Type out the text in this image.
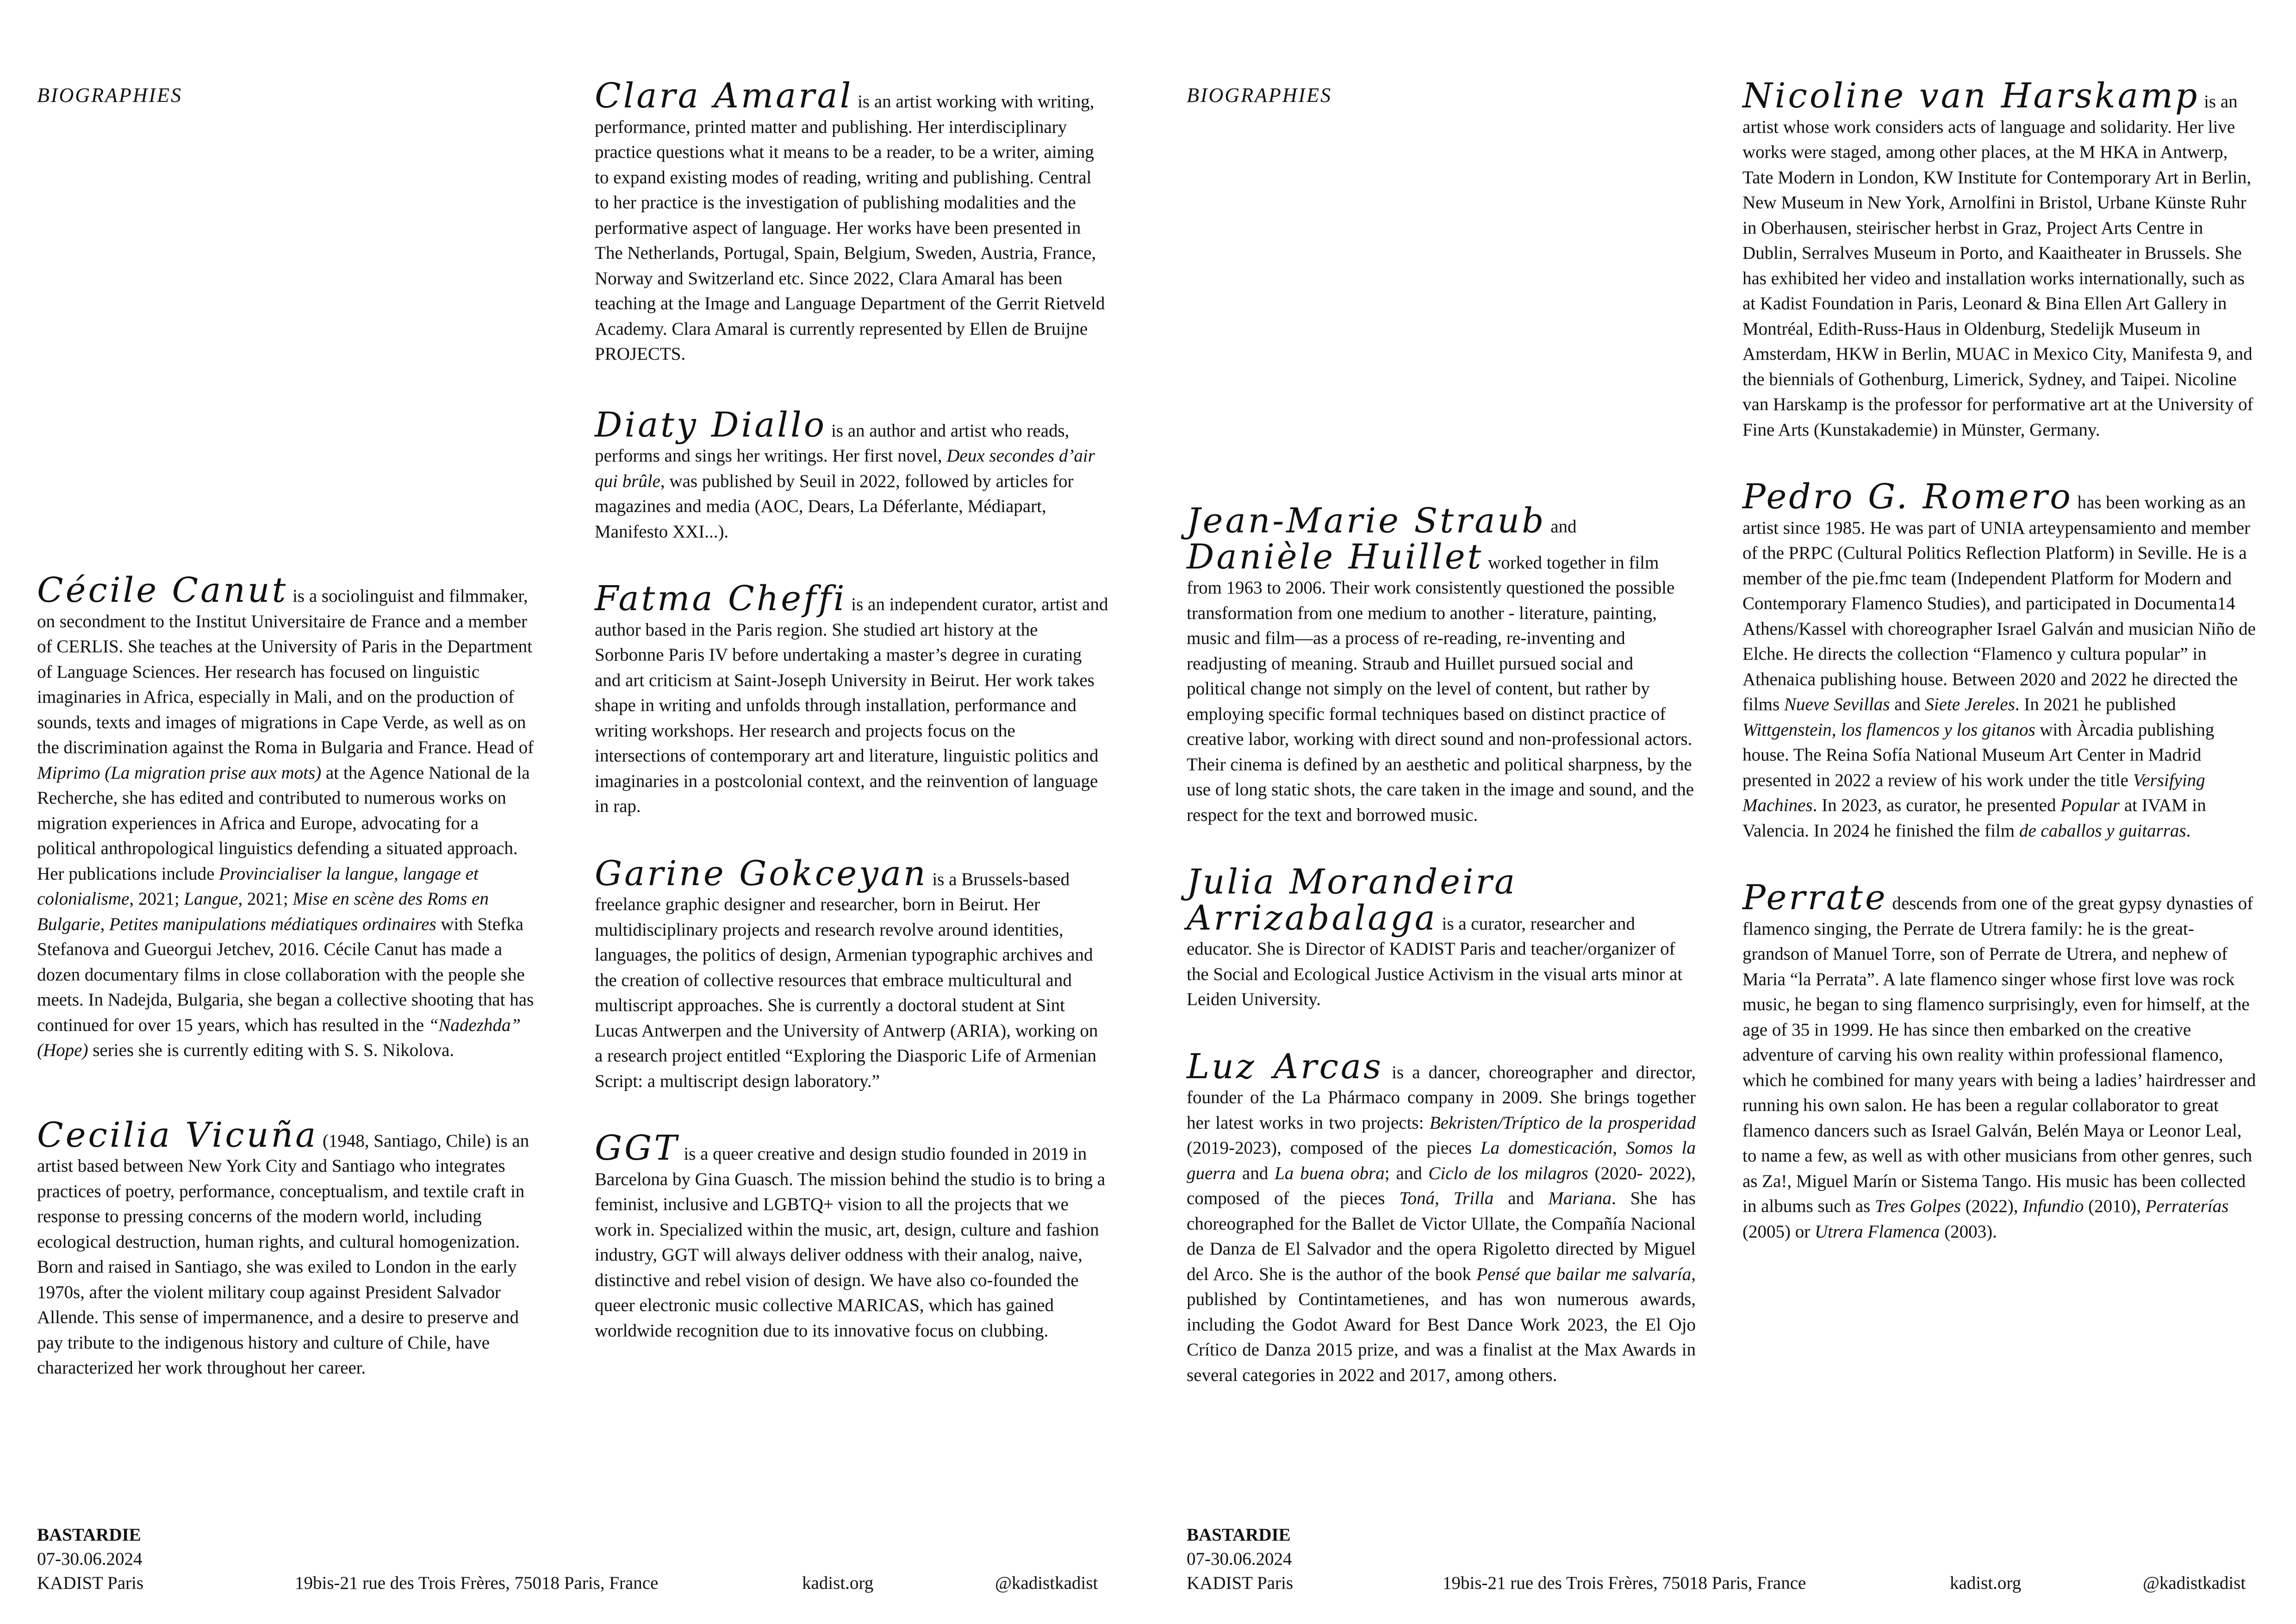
BIOGRAPHIES

Cécile Canut is a sociolinguist and filmmaker, on secondment to the Institut Universitaire de France and a member of CERLIS. She teaches at the University of Paris in the Department of Language Sciences. Her research has focused on linguistic imaginaries in Africa, especially in Mali, and on the production of sounds, texts and images of migrations in Cape Verde, as well as on the discrimination against the Roma in Bulgaria and France. Head of Miprimo (La migration prise aux mots) at the Agence National de la Recherche, she has edited and contributed to numerous works on migration experiences in Africa and Europe, advocating for a political anthropological linguistics defending a situated approach. Her publications include Provincialiser la langue, langage et colonialisme, 2021; Langue, 2021; Mise en scène des Roms en Bulgarie, Petites manipulations médiatiques ordinaires with Stefka Stefanova and Gueorgui Jetchev, 2016. Cécile Canut has made a dozen documentary films in close collaboration with the people she meets. In Nadejda, Bulgaria, she began a collective shooting that has continued for over 15 years, which has resulted in the “Nadezhda” (Hope) series she is currently editing with S. S. Nikolova.

Cecilia Vicuña (1948, Santiago, Chile) is an artist based between New York City and Santiago who integrates practices of poetry, performance, conceptualism, and textile craft in response to pressing concerns of the modern world, including ecological destruction, human rights, and cultural homogenization. Born and raised in Santiago, she was exiled to London in the early 1970s, after the violent military coup against President Salvador Allende. This sense of impermanence, and a desire to preserve and pay tribute to the indigenous history and culture of Chile, have characterized her work throughout her career.

Clara Amaral is an artist working with writing, performance, printed matter and publishing. Her interdisciplinary practice questions what it means to be a reader, to be a writer, aiming to expand existing modes of reading, writing and publishing. Central to her practice is the investigation of publishing modalities and the performative aspect of language. Her works have been presented in The Netherlands, Portugal, Spain, Belgium, Sweden, Austria, France, Norway and Switzerland etc. Since 2022, Clara Amaral has been teaching at the Image and Language Department of the Gerrit Rietveld Academy. Clara Amaral is currently represented by Ellen de Bruijne PROJECTS.

Diaty Diallo is an author and artist who reads, performs and sings her writings. Her first novel, Deux secondes d’air qui brûle, was published by Seuil in 2022, followed by articles for magazines and media (AOC, Dears, La Déferlante, Médiapart, Manifesto XXI...).

Fatma Cheffi is an independent curator, artist and author based in the Paris region. She studied art history at the Sorbonne Paris IV before undertaking a master’s degree in curating and art criticism at Saint-Joseph University in Beirut. Her work takes shape in writing and unfolds through installation, performance and writing workshops. Her research and projects focus on the intersections of contemporary art and literature, linguistic politics and imaginaries in a postcolonial context, and the reinvention of language in rap.

Garine Gokceyan is a Brussels-based freelance graphic designer and researcher, born in Beirut. Her multidisciplinary projects and research revolve around identities, languages, the politics of design, Armenian typographic archives and the creation of collective resources that embrace multicultural and multiscript approaches. She is currently a doctoral student at Sint Lucas Antwerpen and the University of Antwerp (ARIA), working on a research project entitled “Exploring the Diasporic Life of Armenian Script: a multiscript design laboratory.”

GGT is a queer creative and design studio founded in 2019 in Barcelona by Gina Guasch. The mission behind the studio is to bring a feminist, inclusive and LGBTQ+ vision to all the projects that we work in. Specialized within the music, art, design, culture and fashion industry, GGT will always deliver oddness with their analog, naive, distinctive and rebel vision of design. We have also co-founded the queer electronic music collective MARICAS, which has gained worldwide recognition due to its innovative focus on clubbing.

BASTARDIE
07-30.06.2024
KADIST Paris	19bis-21 rue des Trois Frères, 75018 Paris, France	kadist.org	@kadistkadist

BIOGRAPHIES

Jean-Marie Straub and Danièle Huillet worked together in film from 1963 to 2006. Their work consistently questioned the possible transformation from one medium to another - literature, painting, music and film—as a process of re-reading, re-inventing and readjusting of meaning. Straub and Huillet pursued social and political change not simply on the level of content, but rather by employing specific formal techniques based on distinct practice of creative labor, working with direct sound and non-professional actors. Their cinema is defined by an aesthetic and political sharpness, by the use of long static shots, the care taken in the image and sound, and the respect for the text and borrowed music.

Julia Morandeira Arrizabalaga is a curator, researcher and educator. She is Director of KADIST Paris and teacher/organizer of the Social and Ecological Justice Activism in the visual arts minor at Leiden University.

Luz Arcas is a dancer, choreographer and director, founder of the La Phármaco company in 2009. She brings together her latest works in two projects: Bekristen/Tríptico de la prosperidad (2019-2023), composed of the pieces La domesticación, Somos la guerra and La buena obra; and Ciclo de los milagros (2020- 2022), composed of the pieces Toná, Trilla and Mariana. She has choreographed for the Ballet de Victor Ullate, the Compañía Nacional de Danza de El Salvador and the opera Rigoletto directed by Miguel del Arco. She is the author of the book Pensé que bailar me salvaría, published by Contintametienes, and has won numerous awards, including the Godot Award for Best Dance Work 2023, the El Ojo Crítico de Danza 2015 prize, and was a finalist at the Max Awards in several categories in 2022 and 2017, among others.

Nicoline van Harskamp is an artist whose work considers acts of language and solidarity. Her live works were staged, among other places, at the M HKA in Antwerp, Tate Modern in London, KW Institute for Contemporary Art in Berlin, New Museum in New York, Arnolfini in Bristol, Urbane Künste Ruhr in Oberhausen, steirischer herbst in Graz, Project Arts Centre in Dublin, Serralves Museum in Porto, and Kaaitheater in Brussels. She has exhibited her video and installation works internationally, such as at Kadist Foundation in Paris, Leonard & Bina Ellen Art Gallery in Montréal, Edith-Russ-Haus in Oldenburg, Stedelijk Museum in Amsterdam, HKW in Berlin, MUAC in Mexico City, Manifesta 9, and the biennials of Gothenburg, Limerick, Sydney, and Taipei. Nicoline van Harskamp is the professor for performative art at the University of Fine Arts (Kunstakademie) in Münster, Germany.

Pedro G. Romero has been working as an artist since 1985. He was part of UNIA arteypensamiento and member of the PRPC (Cultural Politics Reflection Platform) in Seville. He is a member of the pie.fmc team (Independent Platform for Modern and Contemporary Flamenco Studies), and participated in Documenta14 Athens/Kassel with choreographer Israel Galván and musician Niño de Elche. He directs the collection “Flamenco y cultura popular” in Athenaica publishing house. Between 2020 and 2022 he directed the films Nueve Sevillas and Siete Jereles. In 2021 he published Wittgenstein, los flamencos y los gitanos with Àrcadia publishing house. The Reina Sofía National Museum Art Center in Madrid presented in 2022 a review of his work under the title Versifying Machines. In 2023, as curator, he presented Popular at IVAM in Valencia. In 2024 he finished the film de caballos y guitarras.

Perrate descends from one of the great gypsy dynasties of flamenco singing, the Perrate de Utrera family: he is the great-grandson of Manuel Torre, son of Perrate de Utrera, and nephew of Maria “la Perrata”. A late flamenco singer whose first love was rock music, he began to sing flamenco surprisingly, even for himself, at the age of 35 in 1999. He has since then embarked on the creative adventure of carving his own reality within professional flamenco, which he combined for many years with being a ladies’ hairdresser and running his own salon. He has been a regular collaborator to great flamenco dancers such as Israel Galván, Belén Maya or Leonor Leal, to name a few, as well as with other musicians from other genres, such as Za!, Miguel Marín or Sistema Tango. His music has been collected in albums such as Tres Golpes (2022), Infundio (2010), Perraterías (2005) or Utrera Flamenca (2003).

BASTARDIE
07-30.06.2024
KADIST Paris	19bis-21 rue des Trois Frères, 75018 Paris, France	kadist.org	@kadistkadist
